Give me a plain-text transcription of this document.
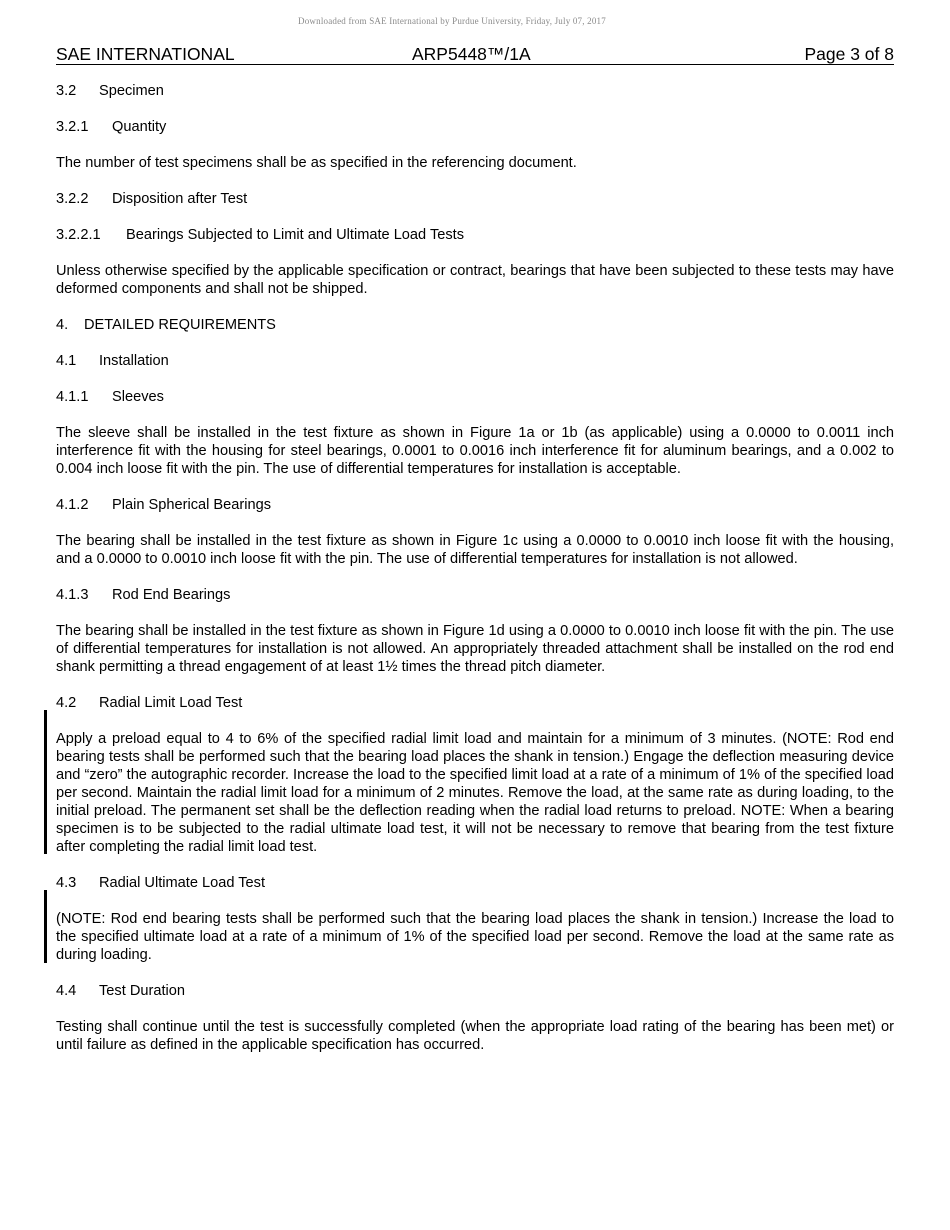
Downloaded from SAE International by Purdue University, Friday, July 07, 2017
SAE INTERNATIONAL	ARP5448™/1A	Page 3 of 8
3.2 Specimen
3.2.1 Quantity

The number of test specimens shall be as specified in the referencing document.

3.2.2 Disposition after Test
3.2.2.1 Bearings Subjected to Limit and Ultimate Load Tests

Unless otherwise specified by the applicable specification or contract, bearings that have been subjected to these tests may have deformed components and shall not be shipped.

4. DETAILED REQUIREMENTS
4.1 Installation
4.1.1 Sleeves

The sleeve shall be installed in the test fixture as shown in Figure 1a or 1b (as applicable) using a 0.0000 to 0.0011 inch interference fit with the housing for steel bearings, 0.0001 to 0.0016 inch interference fit for aluminum bearings, and a 0.002 to 0.004 inch loose fit with the pin. The use of differential temperatures for installation is acceptable.

4.1.2 Plain Spherical Bearings

The bearing shall be installed in the test fixture as shown in Figure 1c using a 0.0000 to 0.0010 inch loose fit with the housing, and a 0.0000 to 0.0010 inch loose fit with the pin. The use of differential temperatures for installation is not allowed.

4.1.3 Rod End Bearings

The bearing shall be installed in the test fixture as shown in Figure 1d using a 0.0000 to 0.0010 inch loose fit with the pin. The use of differential temperatures for installation is not allowed. An appropriately threaded attachment shall be installed on the rod end shank permitting a thread engagement of at least 1½ times the thread pitch diameter.

4.2 Radial Limit Load Test

Apply a preload equal to 4 to 6% of the specified radial limit load and maintain for a minimum of 3 minutes. (NOTE: Rod end bearing tests shall be performed such that the bearing load places the shank in tension.) Engage the deflection measuring device and “zero” the autographic recorder. Increase the load to the specified limit load at a rate of a minimum of 1% of the specified load per second. Maintain the radial limit load for a minimum of 2 minutes. Remove the load, at the same rate as during loading, to the initial preload. The permanent set shall be the deflection reading when the radial load returns to preload. NOTE: When a bearing specimen is to be subjected to the radial ultimate load test, it will not be necessary to remove that bearing from the test fixture after completing the radial limit load test.

4.3 Radial Ultimate Load Test

(NOTE: Rod end bearing tests shall be performed such that the bearing load places the shank in tension.) Increase the load to the specified ultimate load at a rate of a minimum of 1% of the specified load per second. Remove the load at the same rate as during loading.

4.4 Test Duration

Testing shall continue until the test is successfully completed (when the appropriate load rating of the bearing has been met) or until failure as defined in the applicable specification has occurred.
